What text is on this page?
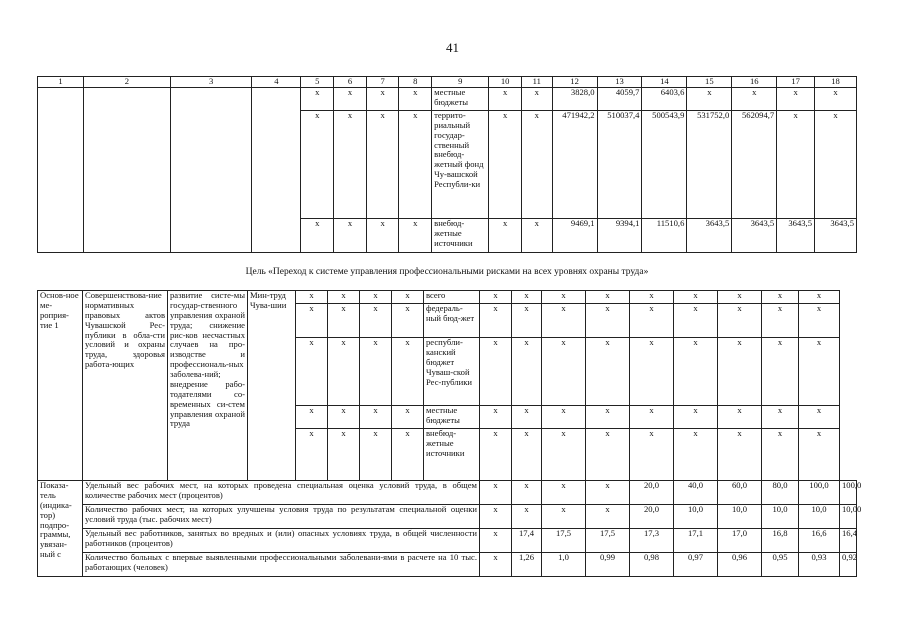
41
1	2	3	4	5	6	7	8	9	10	11	12	13	14	15	16	17	18
				х	х	х	х	местные бюджеты	х	х	3828,0	4059,7	6403,6	х	х	х	х
				х	х	х	х	террито-риальный государ-ственный внебюд-жетный фонд Чу-вашской Республи-ки	х	х	471942,2	510037,4	500543,9	531752,0	562094,7	х	х
				х	х	х	х	внебюд-жетные источники	х	х	9469,1	9394,1	11510,6	3643,5	3643,5	3643,5	3643,5
Цель «Переход к системе управления профессиональными рисками на всех уровнях охраны труда»
Основ-ное ме-роприя-тие 1	Совершенствова-ние нормативных правовых актов Чувашской Рес-публики в обла-сти условий и охраны труда, здоровья работа-ющих	развитие систе-мы государ-ственного управления охраной труда; снижение рис-ков несчастных случаев на про-изводстве и профессиональ-ных заболева-ний; внедрение рабо-тодателями со-временных си-стем управления охраной труда	Мин-труд Чува-шии	х	х	х	х	всего	х	х	х	х	х	х	х	х	х	
				х	х	х	х	федераль-ный бюд-жет	х	х	х	х	х	х	х	х	х	
				х	х	х	х	республи-канский бюджет Чуваш-ской Рес-публики	х	х	х	х	х	х	х	х	х	
				х	х	х	х	местные бюджеты	х	х	х	х	х	х	х	х	х	
				х	х	х	х	внебюд-жетные источники	х	х	х	х	х	х	х	х	х	
Показа-тель (индика-тор) подпро-граммы, увязан-ный с	Удельный вес рабочих мест, на которых проведена специальная оценка условий труда, в общем количестве рабочих мест (процентов)								х	х	х	х	20,0	40,0	60,0	80,0	100,0	100,0
	Количество рабочих мест, на которых улучшены условия труда по результатам специальной оценки условий труда (тыс. рабочих мест)								х	х	х	х	20,0	10,0	10,0	10,0	10,0	10,00
	Удельный вес работников, занятых во вредных и (или) опасных условиях труда, в общей численности работников (процентов)								х	17,4	17,5	17,5	17,3	17,1	17,0	16,8	16,6	16,4
	Количество больных с впервые выявленными профессиональными заболевани-ями в расчете на 10 тыс. работающих (человек)								х	1,26	1,0	0,99	0,98	0,97	0,96	0,95	0,93	0,92
